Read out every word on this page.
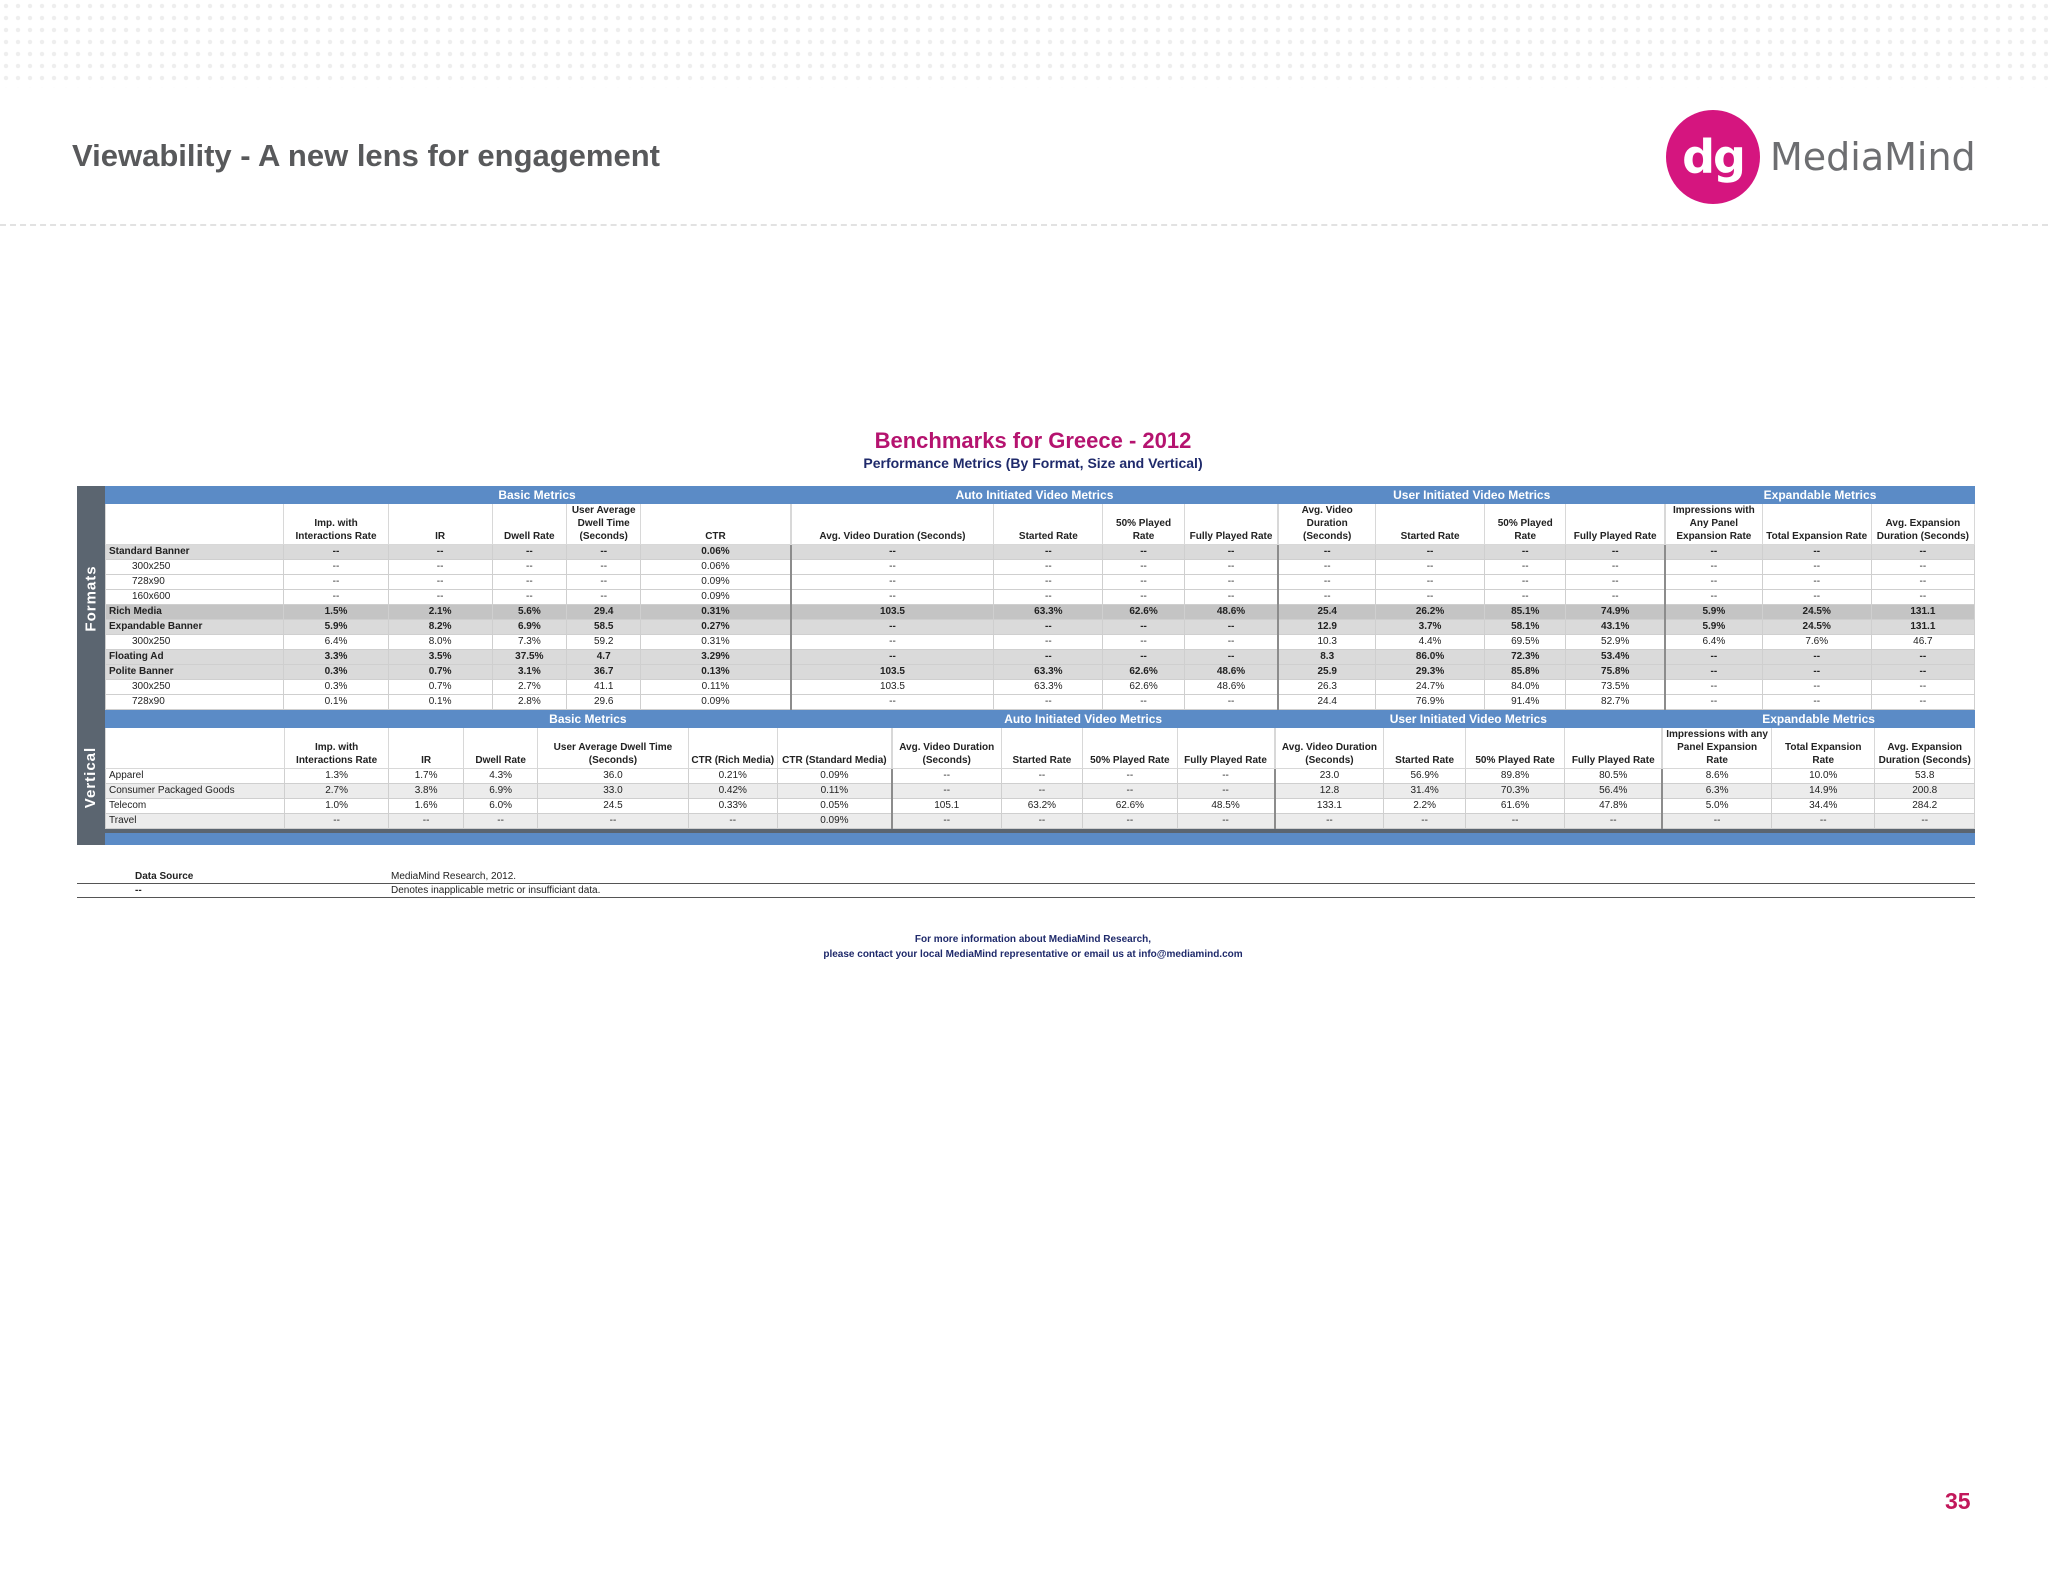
Viewability - A new lens for engagement	dg MediaMind
Benchmarks for Greece - 2012
Performance Metrics (By Format, Size and Vertical)
Formats
Vertical
	Basic Metrics					Auto Initiated Video Metrics				User Initiated Video Metrics				Expandable Metrics		
	Imp. with Interactions Rate	IR	Dwell Rate	User Average Dwell Time (Seconds)	CTR	Avg. Video Duration (Seconds)	Started Rate	50% Played Rate	Fully Played Rate	Avg. Video Duration (Seconds)	Started Rate	50% Played Rate	Fully Played Rate	Impressions with Any Panel Expansion Rate	Total Expansion Rate	Avg. Expansion Duration (Seconds)
Standard Banner	--	--	--	--	0.06%	--	--	--	--	--	--	--	--	--	--	--
300x250	--	--	--	--	0.06%	--	--	--	--	--	--	--	--	--	--	--
728x90	--	--	--	--	0.09%	--	--	--	--	--	--	--	--	--	--	--
160x600	--	--	--	--	0.09%	--	--	--	--	--	--	--	--	--	--	--
Rich Media	1.5%	2.1%	5.6%	29.4	0.31%	103.5	63.3%	62.6%	48.6%	25.4	26.2%	85.1%	74.9%	5.9%	24.5%	131.1
Expandable Banner	5.9%	8.2%	6.9%	58.5	0.27%	--	--	--	--	12.9	3.7%	58.1%	43.1%	5.9%	24.5%	131.1
300x250	6.4%	8.0%	7.3%	59.2	0.31%	--	--	--	--	10.3	4.4%	69.5%	52.9%	6.4%	7.6%	46.7
Floating Ad	3.3%	3.5%	37.5%	4.7	3.29%	--	--	--	--	8.3	86.0%	72.3%	53.4%	--	--	--
Polite Banner	0.3%	0.7%	3.1%	36.7	0.13%	103.5	63.3%	62.6%	48.6%	25.9	29.3%	85.8%	75.8%	--	--	--
300x250	0.3%	0.7%	2.7%	41.1	0.11%	103.5	63.3%	62.6%	48.6%	26.3	24.7%	84.0%	73.5%	--	--	--
728x90	0.1%	0.1%	2.8%	29.6	0.09%	--	--	--	--	24.4	76.9%	91.4%	82.7%	--	--	--
	Basic Metrics						Auto Initiated Video Metrics				User Initiated Video Metrics				Expandable Metrics		
	Imp. with Interactions Rate	IR	Dwell Rate	User Average Dwell Time (Seconds)	CTR (Rich Media)	CTR (Standard Media)	Avg. Video Duration (Seconds)	Started Rate	50% Played Rate	Fully Played Rate	Avg. Video Duration (Seconds)	Started Rate	50% Played Rate	Fully Played Rate	Impressions with any Panel Expansion Rate	Total Expansion Rate	Avg. Expansion Duration (Seconds)
Apparel	1.3%	1.7%	4.3%	36.0	0.21%	0.09%	--	--	--	--	23.0	56.9%	89.8%	80.5%	8.6%	10.0%	53.8
Consumer Packaged Goods	2.7%	3.8%	6.9%	33.0	0.42%	0.11%	--	--	--	--	12.8	31.4%	70.3%	56.4%	6.3%	14.9%	200.8
Telecom	1.0%	1.6%	6.0%	24.5	0.33%	0.05%	105.1	63.2%	62.6%	48.5%	133.1	2.2%	61.6%	47.8%	5.0%	34.4%	284.2
Travel	--	--	--	--	--	0.09%	--	--	--	--	--	--	--	--	--	--	--
Data Source	MediaMind Research, 2012.
--	Denotes inapplicable metric or insufficiant data.
For more information about MediaMind Research,
please contact your local MediaMind representative or email us at info@mediamind.com
35
